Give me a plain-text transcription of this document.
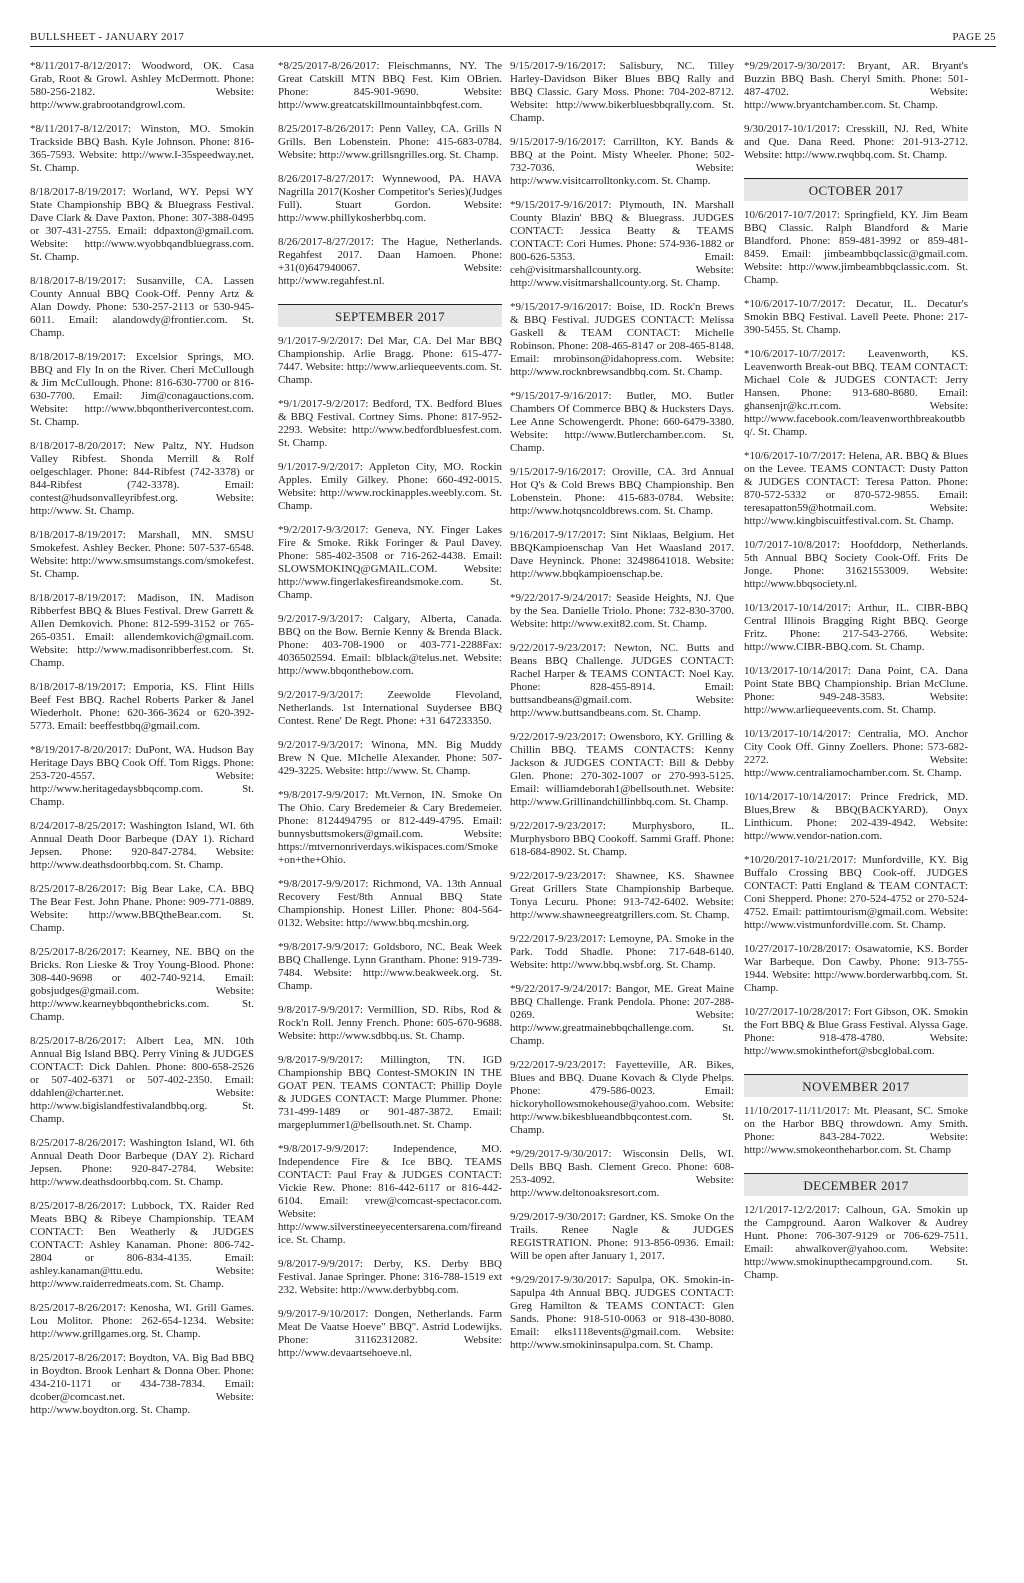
BULLSHEET - JANUARY 2017	PAGE 25

*8/11/2017-8/12/2017: Woodword, OK. Casa Grab, Root & Growl. Ashley McDermott. Phone: 580-256-2182. Website: http://www.grabrootandgrowl.com.

*8/11/2017-8/12/2017: Winston, MO. Smokin Trackside BBQ Bash. Kyle Johnson. Phone: 816-365-7593. Website: http://www.I-35speedway.net. St. Champ.

8/18/2017-8/19/2017: Worland, WY. Pepsi WY State Championship BBQ & Bluegrass Festival. Dave Clark & Dave Paxton. Phone: 307-388-0495 or 307-431-2755. Email: ddpaxton@gmail.com. Website: http://www.wyobbqandbluegrass.com. St. Champ.

8/18/2017-8/19/2017: Susanville, CA. Lassen County Annual BBQ Cook-Off. Penny Artz & Alan Dowdy. Phone: 530-257-2113 or 530-945-6011. Email: alandowdy@frontier.com. St. Champ.

8/18/2017-8/19/2017: Excelsior Springs, MO. BBQ and Fly In on the River. Cheri McCullough & Jim McCullough. Phone: 816-630-7700 or 816-630-7700. Email: Jim@conagauctions.com. Website: http://www.bbqontherivercontest.com. St. Champ.

8/18/2017-8/20/2017: New Paltz, NY. Hudson Valley Ribfest. Shonda Merrill & Rolf oelgeschlager. Phone: 844-Ribfest (742-3378) or 844-Ribfest (742-3378). Email: contest@hudsonvalleyribfest.org. Website: http://www. St. Champ.

8/18/2017-8/19/2017: Marshall, MN. SMSU Smokefest. Ashley Becker. Phone: 507-537-6548. Website: http://www.smsumstangs.com/smokefest. St. Champ.

8/18/2017-8/19/2017: Madison, IN. Madison Ribberfest BBQ & Blues Festival. Drew Garrett & Allen Demkovich. Phone: 812-599-3152 or 765-265-0351. Email: allendemkovich@gmail.com. Website: http://www.madisonribberfest.com. St. Champ.

8/18/2017-8/19/2017: Emporia, KS. Flint Hills Beef Fest BBQ. Rachel Roberts Parker & Janel Wiederholt. Phone: 620-366-3624 or 620-392-5773. Email: beeffestbbq@gmail.com.

*8/19/2017-8/20/2017: DuPont, WA. Hudson Bay Heritage Days BBQ Cook Off. Tom Riggs. Phone: 253-720-4557. Website: http://www.heritagedaysbbqcomp.com. St. Champ.

8/24/2017-8/25/2017: Washington Island, WI. 6th Annual Death Door Barbeque (DAY 1). Richard Jepsen. Phone: 920-847-2784. Website: http://www.deathsdoorbbq.com. St. Champ.

8/25/2017-8/26/2017: Big Bear Lake, CA. BBQ The Bear Fest. John Phane. Phone: 909-771-0889. Website: http://www.BBQtheBear.com. St. Champ.

8/25/2017-8/26/2017: Kearney, NE. BBQ on the Bricks. Ron Lieske & Troy Young-Blood. Phone: 308-440-9698 or 402-740-9214. Email: gobsjudges@gmail.com. Website: http://www.kearneybbqonthebricks.com. St. Champ.

8/25/2017-8/26/2017: Albert Lea, MN. 10th Annual Big Island BBQ. Perry Vining & JUDGES CONTACT: Dick Dahlen. Phone: 800-658-2526 or 507-402-6371 or 507-402-2350. Email: ddahlen@charter.net. Website: http://www.bigislandfestivalandbbq.org. St. Champ.

8/25/2017-8/26/2017: Washington Island, WI. 6th Annual Death Door Barbeque (DAY 2). Richard Jepsen. Phone: 920-847-2784. Website: http://www.deathsdoorbbq.com. St. Champ.

8/25/2017-8/26/2017: Lubbock, TX. Raider Red Meats BBQ & Ribeye Championship. TEAM CONTACT: Ben Weatherly & JUDGES CONTACT: Ashley Kanaman. Phone: 806-742-2804 or 806-834-4135. Email: ashley.kanaman@ttu.edu. Website: http://www.raiderredmeats.com. St. Champ.

8/25/2017-8/26/2017: Kenosha, WI. Grill Games. Lou Molitor. Phone: 262-654-1234. Website: http://www.grillgames.org. St. Champ.

8/25/2017-8/26/2017: Boydton, VA. Big Bad BBQ in Boydton. Brook Lenhart & Donna Ober. Phone: 434-210-1171 or 434-738-7834. Email: dcober@comcast.net. Website: http://www.boydton.org. St. Champ.

*8/25/2017-8/26/2017: Fleischmanns, NY. The Great Catskill MTN BBQ Fest. Kim OBrien. Phone: 845-901-9690. Website: http://www.greatcatskillmountainbbqfest.com.

8/25/2017-8/26/2017: Penn Valley, CA. Grills N Grills. Ben Lobenstein. Phone: 415-683-0784. Website: http://www.grillsngrilles.org. St. Champ.

8/26/2017-8/27/2017: Wynnewood, PA. HAVA Nagrilla 2017(Kosher Competitor's Series)(Judges Full). Stuart Gordon. Website: http://www.phillykosherbbq.com.

8/26/2017-8/27/2017: The Hague, Netherlands. Regahfest 2017. Daan Hamoen. Phone: +31(0)647940067. Website: http://www.regahfest.nl.

SEPTEMBER 2017

9/1/2017-9/2/2017: Del Mar, CA. Del Mar BBQ Championship. Arlie Bragg. Phone: 615-477-7447. Website: http://www.arliequeevents.com. St. Champ.

*9/1/2017-9/2/2017: Bedford, TX. Bedford Blues & BBQ Festival. Cortney Sims. Phone: 817-952-2293. Website: http://www.bedfordbluesfest.com. St. Champ.

9/1/2017-9/2/2017: Appleton City, MO. Rockin Apples. Emily Gilkey. Phone: 660-492-0015. Website: http://www.rockinapples.weebly.com. St. Champ.

*9/2/2017-9/3/2017: Geneva, NY. Finger Lakes Fire & Smoke. Rikk Foringer & Paul Davey. Phone: 585-402-3508 or 716-262-4438. Email: SLOWSMOKINQ@GMAIL.COM. Website: http://www.fingerlakesfireandsmoke.com. St. Champ.

9/2/2017-9/3/2017: Calgary, Alberta, Canada. BBQ on the Bow. Bernie Kenny & Brenda Black. Phone: 403-708-1900 or 403-771-2288Fax: 4036502594. Email: blblack@telus.net. Website: http://www.bbqonthebow.com.

9/2/2017-9/3/2017: Zeewolde Flevoland, Netherlands. 1st International Suydersee BBQ Contest. Rene' De Regt. Phone: +31 647233350.

9/2/2017-9/3/2017: Winona, MN. Big Muddy Brew N Que. MIchelle Alexander. Phone: 507-429-3225. Website: http://www. St. Champ.

*9/8/2017-9/9/2017: Mt.Vernon, IN. Smoke On The Ohio. Cary Bredemeier & Cary Bredemeier. Phone: 8124494795 or 812-449-4795. Email: bunnysbuttsmokers@gmail.com. Website: https://mtvernonriverdays.wikispaces.com/Smoke+on+the+Ohio.

*9/8/2017-9/9/2017: Richmond, VA. 13th Annual Recovery Fest/8th Annual BBQ State Championship. Honest Liller. Phone: 804-564-0132. Website: http://www.bbq.mcshin.org.

*9/8/2017-9/9/2017: Goldsboro, NC. Beak Week BBQ Challenge. Lynn Grantham. Phone: 919-739-7484. Website: http://www.beakweek.org. St. Champ.

9/8/2017-9/9/2017: Vermillion, SD. Ribs, Rod & Rock'n Roll. Jenny French. Phone: 605-670-9688. Website: http://www.sdbbq.us. St. Champ.

9/8/2017-9/9/2017: Millington, TN. IGD Championship BBQ Contest-SMOKIN IN THE GOAT PEN. TEAMS CONTACT: Phillip Doyle & JUDGES CONTACT: Marge Plummer. Phone: 731-499-1489 or 901-487-3872. Email: margeplummer1@bellsouth.net. St. Champ.

*9/8/2017-9/9/2017: Independence, MO. Independence Fire & Ice BBQ. TEAMS CONTACT: Paul Fray & JUDGES CONTACT: Vickie Rew. Phone: 816-442-6117 or 816-442-6104. Email: vrew@comcast-spectacor.com. Website: http://www.silverstineeyecentersarena.com/fireandice. St. Champ.

9/8/2017-9/9/2017: Derby, KS. Derby BBQ Festival. Janae Springer. Phone: 316-788-1519 ext 232. Website: http://www.derbybbq.com.

9/9/2017-9/10/2017: Dongen, Netherlands. Farm Meat De Vaatse Hoeve" BBQ". Astrid Lodewijks. Phone: 31162312082. Website: http://www.devaartsehoeve.nl.

9/15/2017-9/16/2017: Salisbury, NC. Tilley Harley-Davidson Biker Blues BBQ Rally and BBQ Classic. Gary Moss. Phone: 704-202-8712. Website: http://www.bikerbluesbbqrally.com. St. Champ.

9/15/2017-9/16/2017: Carrillton, KY. Bands & BBQ at the Point. Misty Wheeler. Phone: 502-732-7036. Website: http://www.visitcarrolltonky.com. St. Champ.

*9/15/2017-9/16/2017: Plymouth, IN. Marshall County Blazin' BBQ & Bluegrass. JUDGES CONTACT: Jessica Beatty & TEAMS CONTACT: Cori Humes. Phone: 574-936-1882 or 800-626-5353. Email: ceh@visitmarshallcounty.org. Website: http://www.visitmarshallcounty.org. St. Champ.

*9/15/2017-9/16/2017: Boise, ID. Rock'n Brews & BBQ Festival. JUDGES CONTACT: Melissa Gaskell & TEAM CONTACT: Michelle Robinson. Phone: 208-465-8147 or 208-465-8148. Email: mrobinson@idahopress.com. Website: http://www.rocknbrewsandbbq.com. St. Champ.

*9/15/2017-9/16/2017: Butler, MO. Butler Chambers Of Commerce BBQ & Hucksters Days. Lee Anne Schowengerdt. Phone: 660-6479-3380. Website: http://www.Butlerchamber.com. St. Champ.

9/15/2017-9/16/2017: Oroville, CA. 3rd Annual Hot Q's & Cold Brews BBQ Championship. Ben Lobenstein. Phone: 415-683-0784. Website: http://www.hotqsncoldbrews.com. St. Champ.

9/16/2017-9/17/2017: Sint Niklaas, Belgium. Het BBQKampioenschap Van Het Waasland 2017. Dave Heyninck. Phone: 32498641018. Website: http://www.bbqkampioenschap.be.

*9/22/2017-9/24/2017: Seaside Heights, NJ. Que by the Sea. Danielle Triolo. Phone: 732-830-3700. Website: http://www.exit82.com. St. Champ.

9/22/2017-9/23/2017: Newton, NC. Butts and Beans BBQ Challenge. JUDGES CONTACT: Rachel Harper & TEAMS CONTACT: Noel Kay. Phone: 828-455-8914. Email: buttsandbeans@gmail.com. Website: http://www.buttsandbeans.com. St. Champ.

9/22/2017-9/23/2017: Owensboro, KY. Grilling & Chillin BBQ. TEAMS CONTACTS: Kenny Jackson & JUDGES CONTACT: Bill & Debby Glen. Phone: 270-302-1007 or 270-993-5125. Email: williamdeborah1@bellsouth.net. Website: http://www.Grillinandchillinbbq.com. St. Champ.

9/22/2017-9/23/2017: Murphysboro, IL. Murphysboro BBQ Cookoff. Sammi Graff. Phone: 618-684-8902. St. Champ.

9/22/2017-9/23/2017: Shawnee, KS. Shawnee Great Grillers State Championship Barbeque. Tonya Lecuru. Phone: 913-742-6402. Website: http://www.shawneegreatgrillers.com. St. Champ.

9/22/2017-9/23/2017: Lemoyne, PA. Smoke in the Park. Todd Shadle. Phone: 717-648-6140. Website: http://www.bbq.wsbf.org. St. Champ.

*9/22/2017-9/24/2017: Bangor, ME. Great Maine BBQ Challenge. Frank Pendola. Phone: 207-288-0269. Website: http://www.greatmainebbqchallenge.com. St. Champ.

9/22/2017-9/23/2017: Fayetteville, AR. Bikes, Blues and BBQ. Duane Kovach & Clyde Phelps. Phone: 479-586-0023. Email: hickoryhollowsmokehouse@yahoo.com. Website: http://www.bikesblueandbbqcontest.com. St. Champ.

*9/29/2017-9/30/2017: Wisconsin Dells, WI. Dells BBQ Bash. Clement Greco. Phone: 608-253-4092. Website: http://www.deltonoaksresort.com.

9/29/2017-9/30/2017: Gardner, KS. Smoke On the Trails. Renee Nagle & JUDGES REGISTRATION. Phone: 913-856-0936. Email: Will be open after January 1, 2017.

*9/29/2017-9/30/2017: Sapulpa, OK. Smokin-in-Sapulpa 4th Annual BBQ. JUDGES CONTACT: Greg Hamilton & TEAMS CONTACT: Glen Sands. Phone: 918-510-0063 or 918-430-8080. Email: elks1118events@gmail.com. Website: http://www.smokininsapulpa.com. St. Champ.

*9/29/2017-9/30/2017: Bryant, AR. Bryant's Buzzin BBQ Bash. Cheryl Smith. Phone: 501-487-4702. Website: http://www.bryantchamber.com. St. Champ.

9/30/2017-10/1/2017: Cresskill, NJ. Red, White and Que. Dana Reed. Phone: 201-913-2712. Website: http://www.rwqbbq.com. St. Champ.

OCTOBER 2017

10/6/2017-10/7/2017: Springfield, KY. Jim Beam BBQ Classic. Ralph Blandford & Marie Blandford. Phone: 859-481-3992 or 859-481-8459. Email: jimbeambbqclassic@gmail.com. Website: http://www.jimbeambbqclassic.com. St. Champ.

*10/6/2017-10/7/2017: Decatur, IL. Decatur's Smokin BBQ Festival. Lavell Peete. Phone: 217-390-5455. St. Champ.

*10/6/2017-10/7/2017: Leavenworth, KS. Leavenworth Break-out BBQ. TEAM CONTACT: Michael Cole & JUDGES CONTACT: Jerry Hansen. Phone: 913-680-8680. Email: ghansenjr@kc.rr.com. Website: http://www.facebook.com/leavenworthbreakoutbbq/. St. Champ.

*10/6/2017-10/7/2017: Helena, AR. BBQ & Blues on the Levee. TEAMS CONTACT: Dusty Patton & JUDGES CONTACT: Teresa Patton. Phone: 870-572-5332 or 870-572-9855. Email: teresapatton59@hotmail.com. Website: http://www.kingbiscuitfestival.com. St. Champ.

10/7/2017-10/8/2017: Hoofddorp, Netherlands. 5th Annual BBQ Society Cook-Off. Frits De Jonge. Phone: 31621553009. Website: http://www.bbqsociety.nl.

10/13/2017-10/14/2017: Arthur, IL. CIBR-BBQ Central Illinois Bragging Right BBQ. George Fritz. Phone: 217-543-2766. Website: http://www.CIBR-BBQ.com. St. Champ.

10/13/2017-10/14/2017: Dana Point, CA. Dana Point State BBQ Championship. Brian McClune. Phone: 949-248-3583. Website: http://www.arliequeevents.com. St. Champ.

10/13/2017-10/14/2017: Centralia, MO. Anchor City Cook Off. Ginny Zoellers. Phone: 573-682-2272. Website: http://www.centraliamochamber.com. St. Champ.

10/14/2017-10/14/2017: Prince Fredrick, MD. Blues,Brew & BBQ(BACKYARD). Onyx Linthicum. Phone: 202-439-4942. Website: http://www.vendor-nation.com.

*10/20/2017-10/21/2017: Munfordville, KY. Big Buffalo Crossing BBQ Cook-off. JUDGES CONTACT: Patti England & TEAM CONTACT: Coni Shepperd. Phone: 270-524-4752 or 270-524-4752. Email: pattimtourism@gmail.com. Website: http://www.vistmunfordville.com. St. Champ.

10/27/2017-10/28/2017: Osawatomie, KS. Border War Barbeque. Don Cawby. Phone: 913-755-1944. Website: http://www.borderwarbbq.com. St. Champ.

10/27/2017-10/28/2017: Fort Gibson, OK. Smokin the Fort BBQ & Blue Grass Festival. Alyssa Gage. Phone: 918-478-4780. Website: http://www.smokinthefort@sbcglobal.com.

NOVEMBER 2017

11/10/2017-11/11/2017: Mt. Pleasant, SC. Smoke on the Harbor BBQ throwdown. Amy Smith. Phone: 843-284-7022. Website: http://www.smokeontheharbor.com. St. Champ

DECEMBER 2017

12/1/2017-12/2/2017: Calhoun, GA. Smokin up the Campground. Aaron Walkover & Audrey Hunt. Phone: 706-307-9129 or 706-629-7511. Email: ahwalkover@yahoo.com. Website: http://www.smokinupthecampground.com. St. Champ.
